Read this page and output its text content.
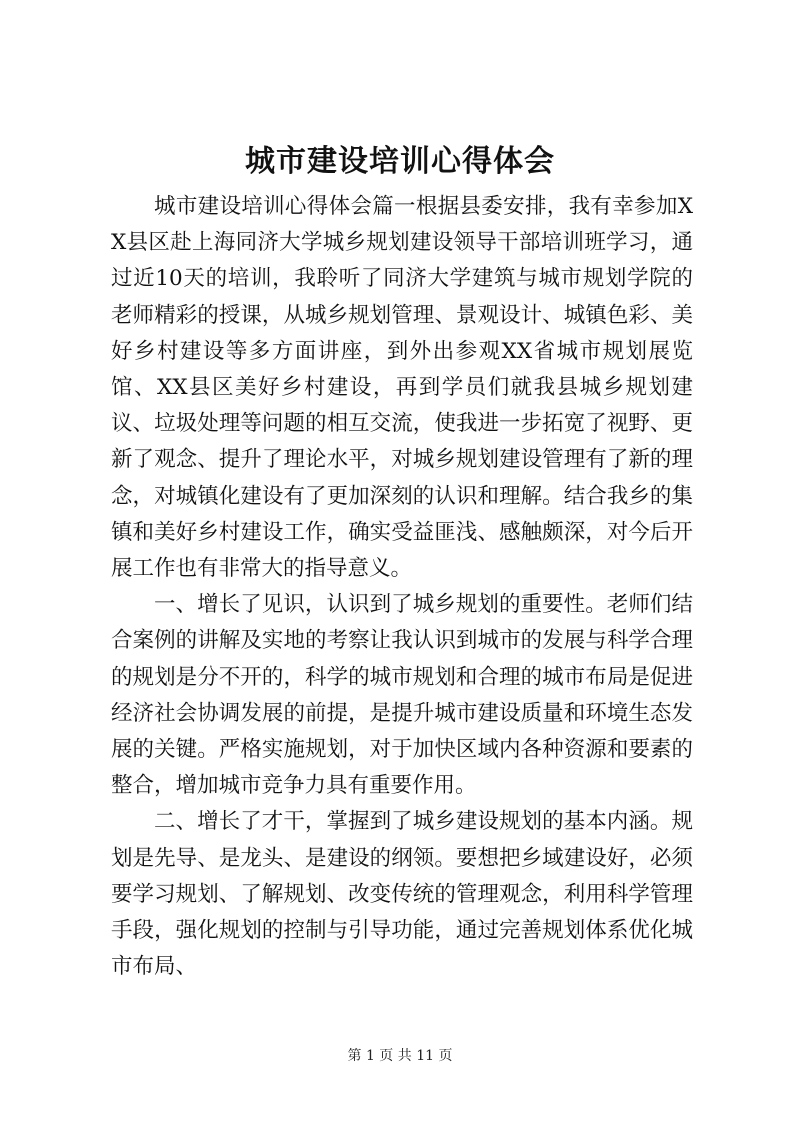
城市建设培训心得体会

城市建设培训心得体会篇一根据县委安排，我有幸参加XX县区赴上海同济大学城乡规划建设领导干部培训班学习，通过近10天的培训，我聆听了同济大学建筑与城市规划学院的老师精彩的授课，从城乡规划管理、景观设计、城镇色彩、美好乡村建设等多方面讲座，到外出参观XX省城市规划展览馆、XX县区美好乡村建设，再到学员们就我县城乡规划建议、垃圾处理等问题的相互交流，使我进一步拓宽了视野、更新了观念、提升了理论水平，对城乡规划建设管理有了新的理念，对城镇化建设有了更加深刻的认识和理解。结合我乡的集镇和美好乡村建设工作，确实受益匪浅、感触颇深，对今后开展工作也有非常大的指导意义。

一、增长了见识，认识到了城乡规划的重要性。老师们结合案例的讲解及实地的考察让我认识到城市的发展与科学合理的规划是分不开的，科学的城市规划和合理的城市布局是促进经济社会协调发展的前提，是提升城市建设质量和环境生态发展的关键。严格实施规划，对于加快区域内各种资源和要素的整合，增加城市竞争力具有重要作用。

二、增长了才干，掌握到了城乡建设规划的基本内涵。规划是先导、是龙头、是建设的纲领。要想把乡域建设好，必须要学习规划、了解规划、改变传统的管理观念，利用科学管理手段，强化规划的控制与引导功能，通过完善规划体系优化城市布局、

第 1 页 共 11 页
